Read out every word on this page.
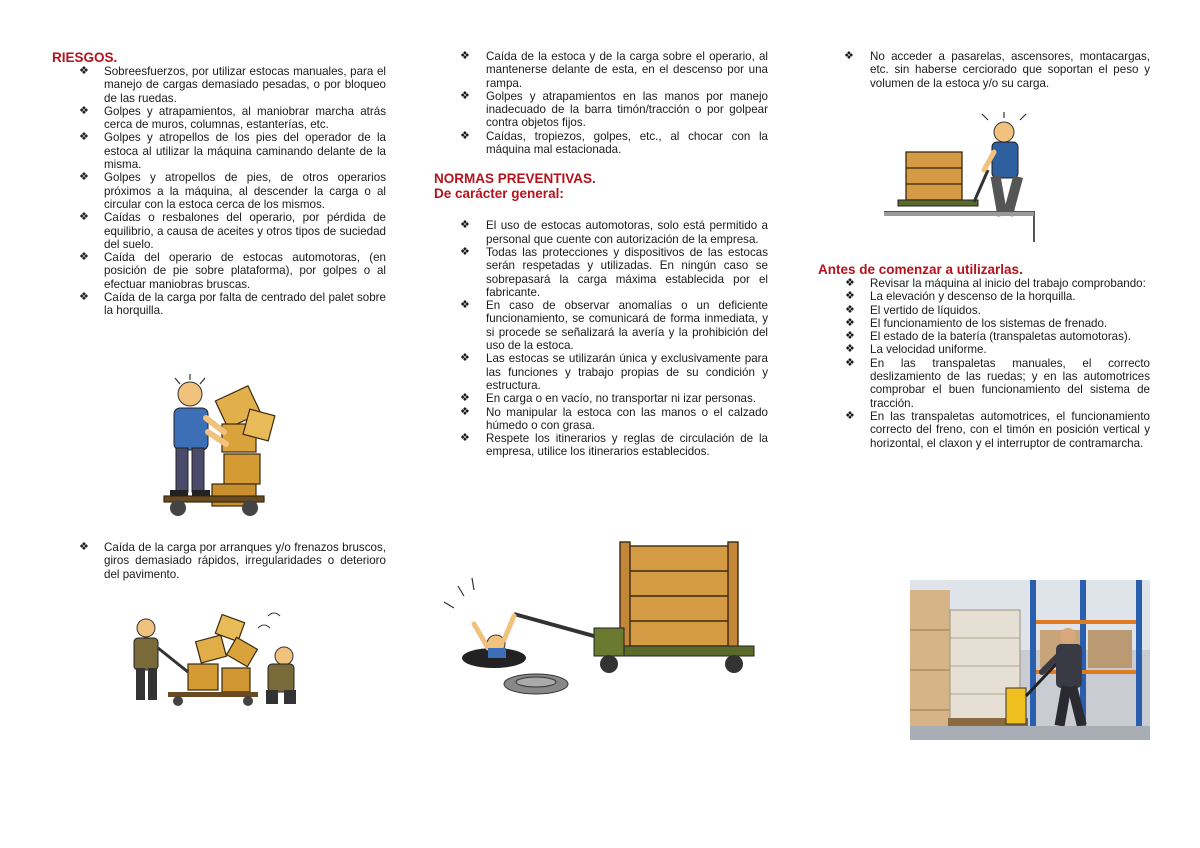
RIESGOS.
❖ Sobreesfuerzos, por utilizar estocas manuales, para el manejo de cargas demasiado pesadas, o por bloqueo de las ruedas.
❖ Golpes y atrapamientos, al maniobrar marcha atrás cerca de muros, columnas, estanterías, etc.
❖ Golpes y atropellos de los pies del operador de la estoca al utilizar la máquina caminando delante de la misma.
❖ Golpes y atropellos de pies, de otros operarios próximos a la máquina, al descender la carga o al circular con la estoca cerca de los mismos.
❖ Caídas o resbalones del operario, por pérdida de equilibrio, a causa de aceites y otros tipos de suciedad del suelo.
❖ Caída del operario de estocas automotoras, (en posición de pie sobre plataforma), por golpes o al efectuar maniobras bruscas.
❖ Caída de la carga por falta de centrado del palet sobre la horquilla.
❖ Caída de la carga por arranques y/o frenazos bruscos, giros demasiado rápidos, irregularidades o deterioro del pavimento.
❖ Caída de la estoca y de la carga sobre el operario, al mantenerse delante de esta, en el descenso por una rampa.
❖ Golpes y atrapamientos en las manos por manejo inadecuado de la barra timón/tracción o por golpear contra objetos fijos.
❖ Caídas, tropiezos, golpes, etc., al chocar con la máquina mal estacionada.
NORMAS PREVENTIVAS.
De carácter general:
❖ El uso de estocas automotoras, solo está permitido a personal que cuente con autorización de la empresa.
❖ Todas las protecciones y dispositivos de las estocas serán respetadas y utilizadas. En ningún caso se sobrepasará la carga máxima establecida por el fabricante.
❖ En caso de observar anomalías o un deficiente funcionamiento, se comunicará de forma inmediata, y si procede se señalizará la avería y la prohibición del uso de la estoca.
❖ Las estocas se utilizarán única y exclusivamente para las funciones y trabajo propias de su condición y estructura.
❖ En carga o en vacío, no transportar ni izar personas.
❖ No manipular la estoca con las manos o el calzado húmedo o con grasa.
❖ Respete los itinerarios y reglas de circulación de la empresa, utilice los itinerarios establecidos.
❖ No acceder a pasarelas, ascensores, montacargas, etc. sin haberse cerciorado que soportan el peso y volumen de la estoca y/o su carga.
Antes de comenzar a utilizarlas.
❖ Revisar la máquina al inicio del trabajo comprobando:
❖ La elevación y descenso de la horquilla.
❖ El vertido de líquidos.
❖ El funcionamiento de los sistemas de frenado.
❖ El estado de la batería (transpaletas automotoras).
❖ La velocidad uniforme.
❖ En las transpaletas manuales, el correcto deslizamiento de las ruedas; y en las automotrices comprobar el buen funcionamiento del sistema de tracción.
❖ En las transpaletas automotrices, el funcionamiento correcto del freno, con el timón en posición vertical y horizontal, el claxon y el interruptor de contramarcha.
